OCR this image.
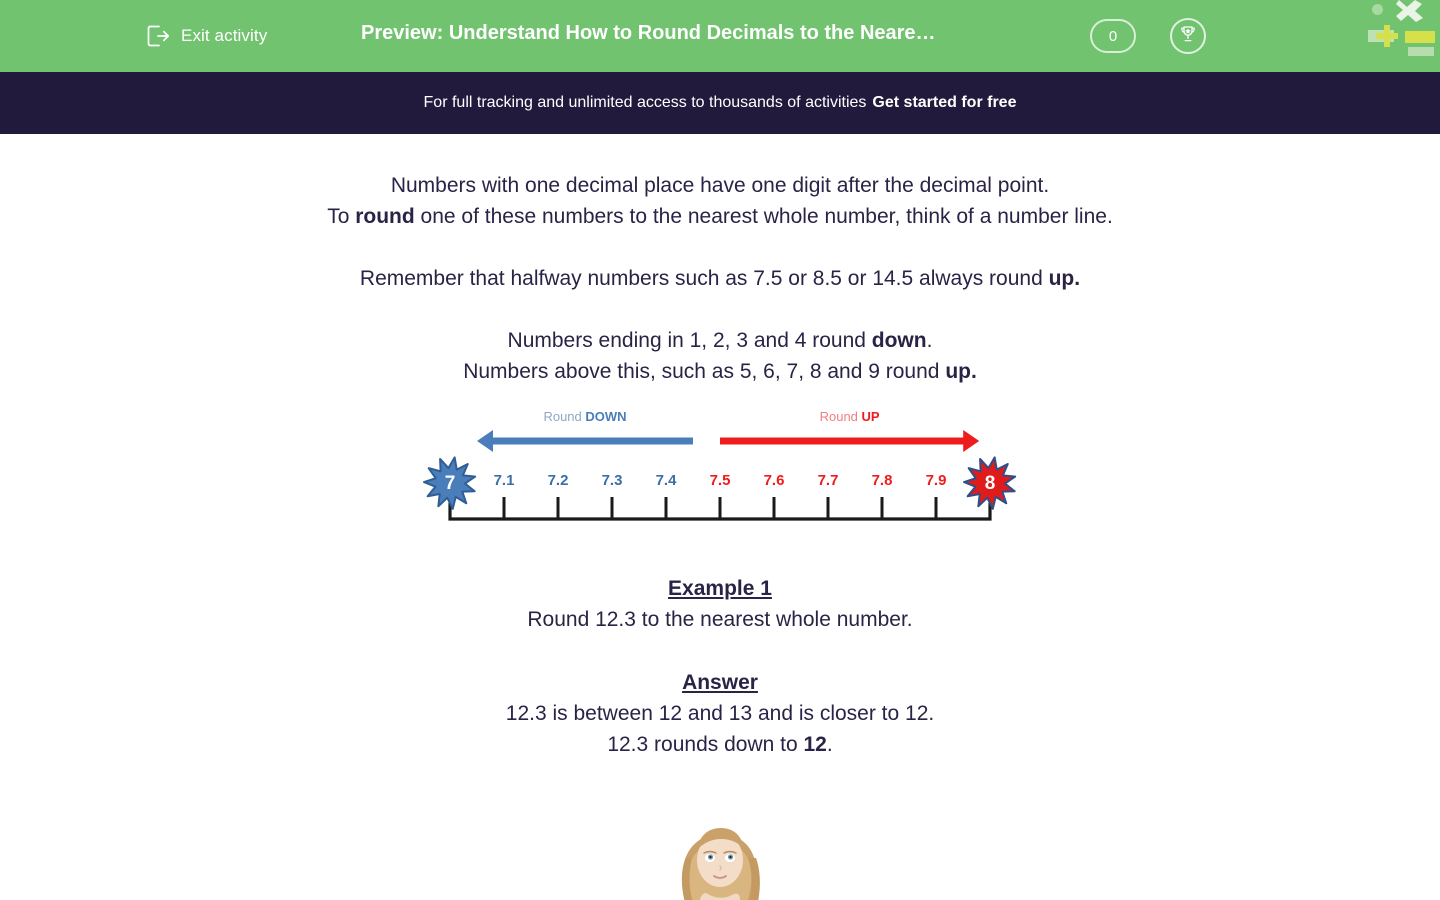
Exit activity	Preview: Understand How to Round Decimals to the Neare…	0
For full tracking and unlimited access to thousands of activities Get started for free
Numbers with one decimal place have one digit after the decimal point.
To round one of these numbers to the nearest whole number, think of a number line.
Remember that halfway numbers such as 7.5 or 8.5 or 14.5 always round up.
Numbers ending in 1, 2, 3 and 4 round down.
Numbers above this, such as 5, 6, 7, 8 and 9 round up.
7.1 7.2 7.3 7.4 7.5 7.6 7.7 7.8 7.9
7	8
Round DOWN	Round UP
Example 1
Round 12.3 to the nearest whole number.
Answer
12.3 is between 12 and 13 and is closer to 12.
12.3 rounds down to 12.
